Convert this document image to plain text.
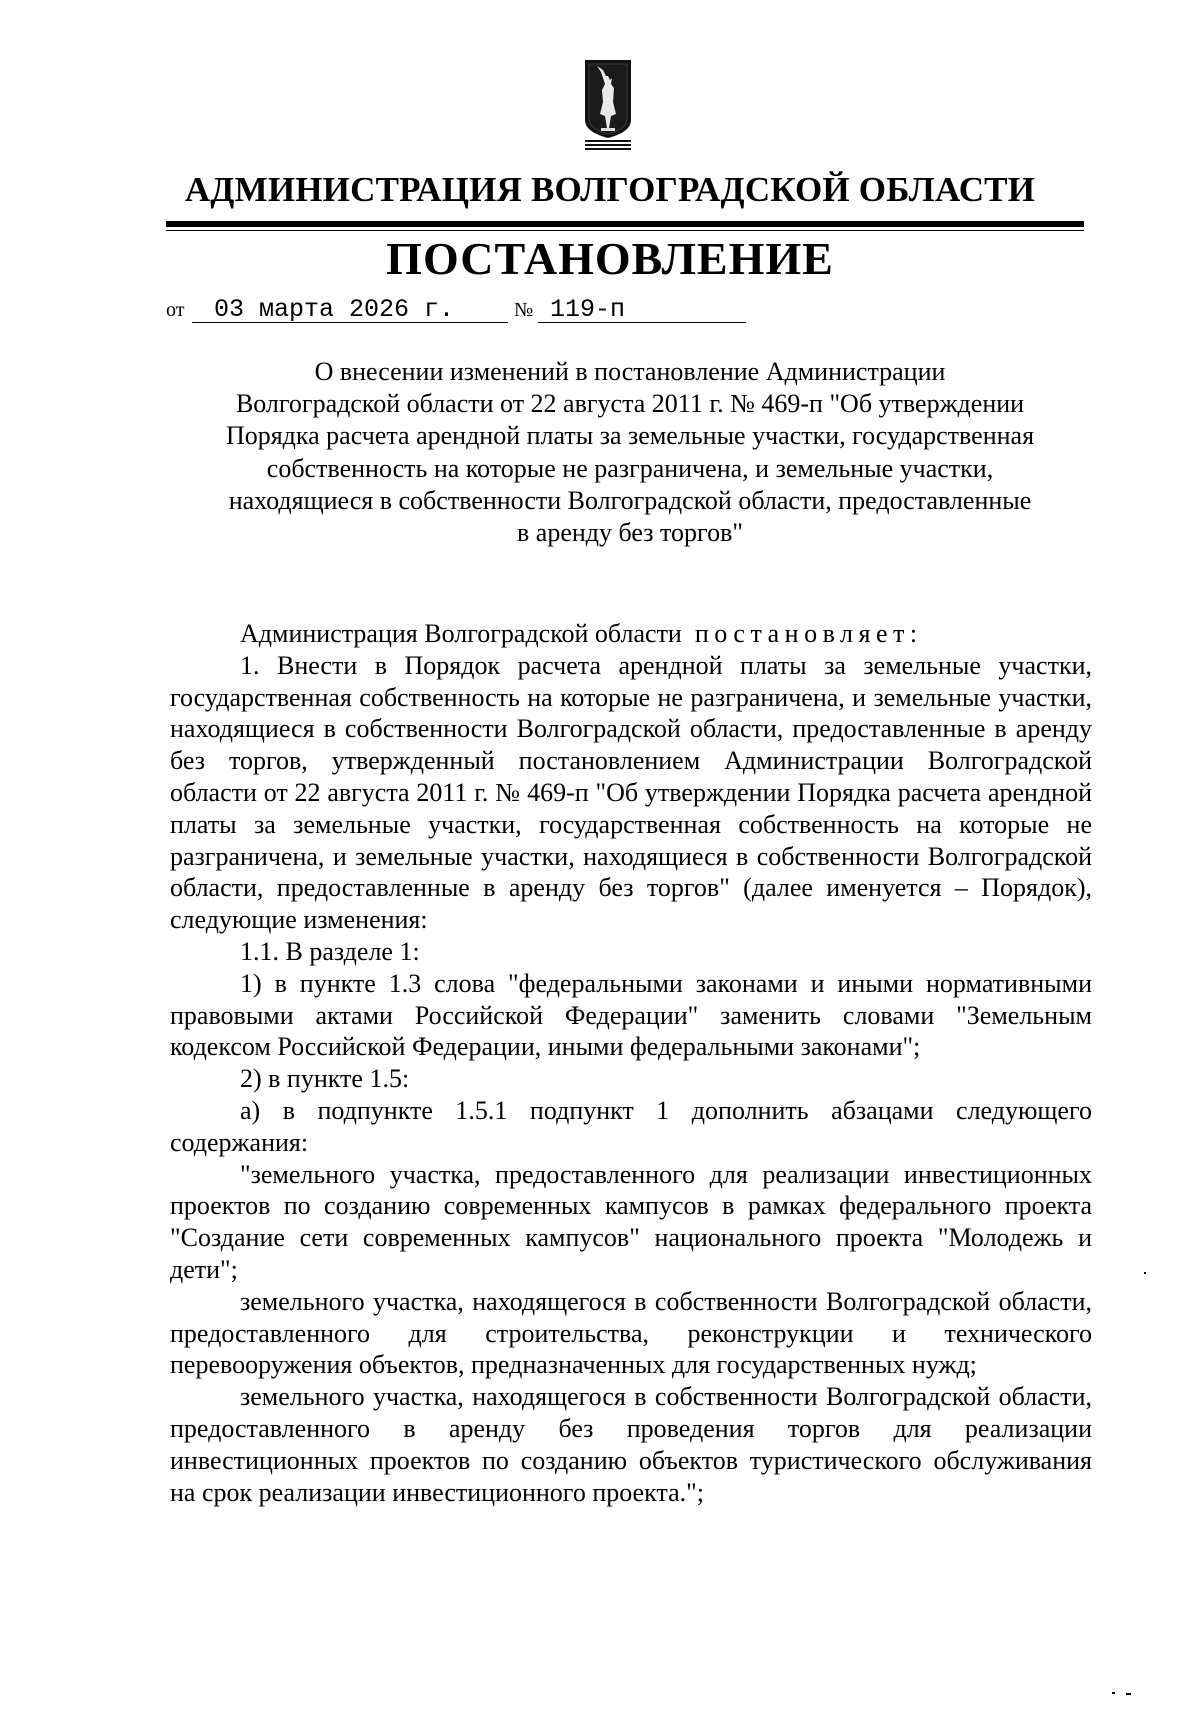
АДМИНИСТРАЦИЯ ВОЛГОГРАДСКОЙ ОБЛАСТИ
ПОСТАНОВЛЕНИЕ
от 03 марта 2026 г.	№ 119-п
О внесении изменений в постановление Администрации
Волгоградской области от 22 августа 2011 г. № 469-п "Об утверждении
Порядка расчета арендной платы за земельные участки, государственная
собственность на которые не разграничена, и земельные участки,
находящиеся в собственности Волгоградской области, предоставленные
в аренду без торгов"

Администрация Волгоградской области постановляет:

1. Внести в Порядок расчета арендной платы за земельные участки, государственная собственность на которые не разграничена, и земельные участки, находящиеся в собственности Волгоградской области, предоставленные в аренду без торгов, утвержденный постановлением Администрации Волгоградской области от 22 августа 2011 г. № 469-п "Об утверждении Порядка расчета арендной платы за земельные участки, государственная собственность на которые не разграничена, и земельные участки, находящиеся в собственности Волгоградской области, предоставленные в аренду без торгов" (далее именуется – Порядок), следующие изменения:

1.1. В разделе 1:

1) в пункте 1.3 слова "федеральными законами и иными нормативными правовыми актами Российской Федерации" заменить словами "Земельным кодексом Российской Федерации, иными федеральными законами";

2) в пункте 1.5:

а) в подпункте 1.5.1 подпункт 1 дополнить абзацами следующего содержания:

"земельного участка, предоставленного для реализации инвестиционных проектов по созданию современных кампусов в рамках федерального проекта "Создание сети современных кампусов" национального проекта "Молодежь и дети";

земельного участка, находящегося в собственности Волгоградской области, предоставленного для строительства, реконструкции и технического перевооружения объектов, предназначенных для государственных нужд;

земельного участка, находящегося в собственности Волгоградской области, предоставленного в аренду без проведения торгов для реализации инвестиционных проектов по созданию объектов туристического обслуживания на срок реализации инвестиционного проекта.";
